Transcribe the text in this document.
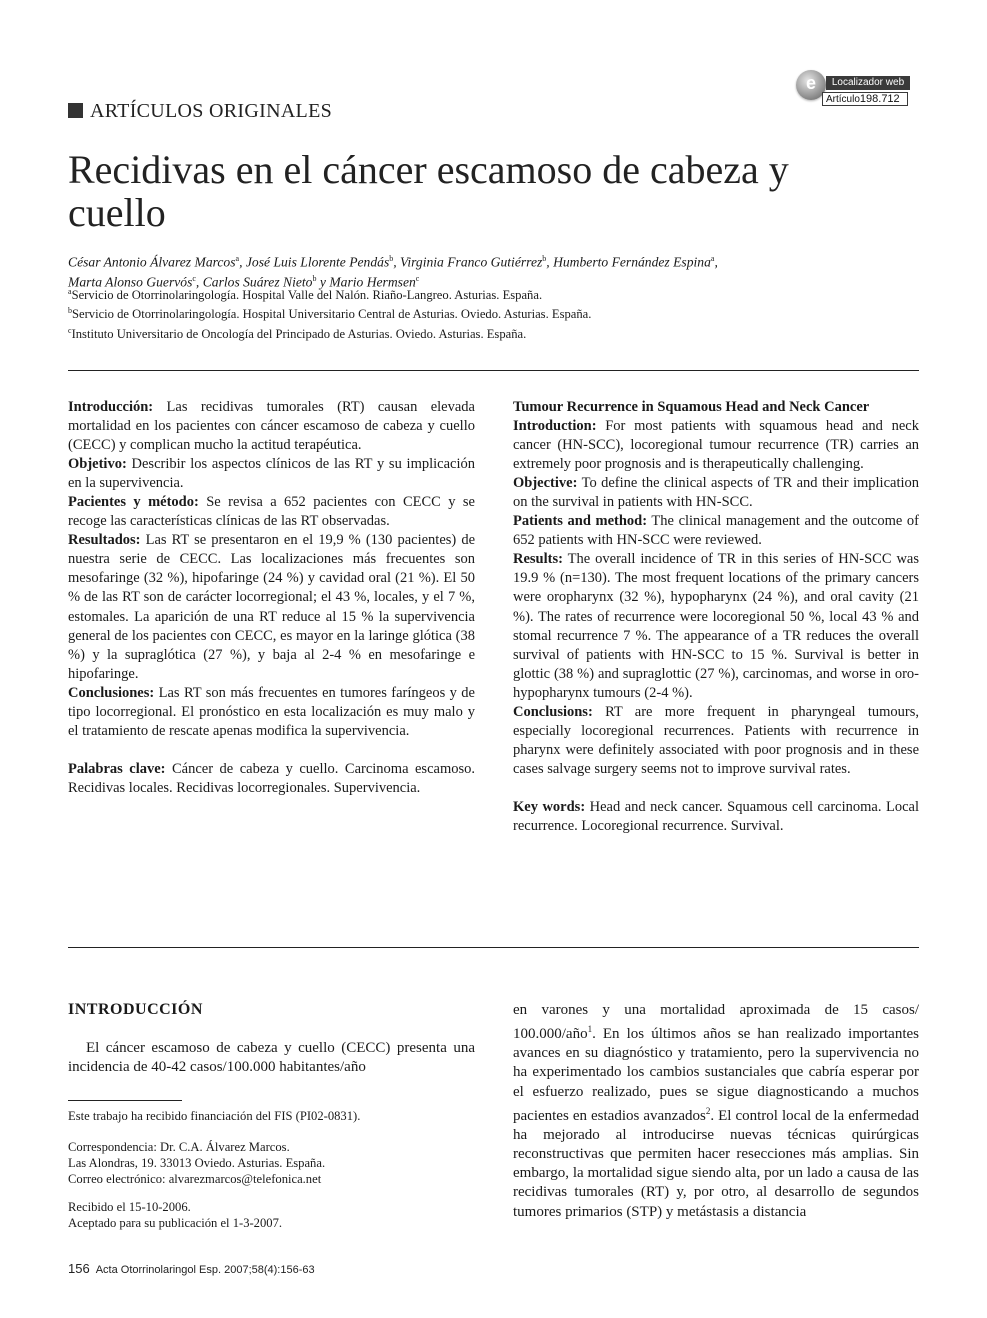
e	Localizador web
Artículo198.712
ARTÍCULOS ORIGINALES
Recidivas en el cáncer escamoso de cabeza y cuello
César Antonio Álvarez Marcos$^a$, José Luis Llorente Pendás$^b$, Virginia Franco Gutiérrez$^b$, Humberto Fernández Espina$^a$,
Marta Alonso Guervós$^c$, Carlos Suárez Nieto$^b$ y Mario Hermsen$^c$
$^a$Servicio de Otorrinolaringología. Hospital Valle del Nalón. Riaño-Langreo. Asturias. España.
$^b$Servicio de Otorrinolaringología. Hospital Universitario Central de Asturias. Oviedo. Asturias. España.
$^c$Instituto Universitario de Oncología del Principado de Asturias. Oviedo. Asturias. España.

Introducción: Las recidivas tumorales (RT) causan elevada mortalidad en los pacientes con cáncer escamoso de cabeza y cuello (CECC) y complican mucho la actitud terapéutica.

Objetivo: Describir los aspectos clínicos de las RT y su implicación en la supervivencia.

Pacientes y método: Se revisa a 652 pacientes con CECC y se recoge las características clínicas de las RT observadas.

Resultados: Las RT se presentaron en el 19,9 % (130 pacientes) de nuestra serie de CECC. Las localizaciones más frecuentes son mesofaringe (32 %), hipofaringe (24 %) y cavidad oral (21 %). El 50 % de las RT son de carácter locorregional; el 43 %, locales, y el 7 %, estomales. La aparición de una RT reduce al 15 % la supervivencia general de los pacientes con CECC, es mayor en la laringe glótica (38 %) y la supraglótica (27 %), y baja al 2-4 % en mesofaringe e hipofaringe.

Conclusiones: Las RT son más frecuentes en tumores faríngeos y de tipo locorregional. El pronóstico en esta localización es muy malo y el tratamiento de rescate apenas modifica la supervivencia.

Palabras clave: Cáncer de cabeza y cuello. Carcinoma escamoso. Recidivas locales. Recidivas locorregionales. Supervivencia.

Tumour Recurrence in Squamous Head and Neck Cancer

Introduction: For most patients with squamous head and neck cancer (HN-SCC), locoregional tumour recurrence (TR) carries an extremely poor prognosis and is therapeutically challenging.

Objective: To define the clinical aspects of TR and their implication on the survival in patients with HN-SCC.

Patients and method: The clinical management and the outcome of 652 patients with HN-SCC were reviewed.

Results: The overall incidence of TR in this series of HN-SCC was 19.9 % (n=130). The most frequent locations of the primary cancers were oropharynx (32 %), hypopharynx (24 %), and oral cavity (21 %). The rates of recurrence were locoregional 50 %, local 43 % and stomal recurrence 7 %. The appearance of a TR reduces the overall survival of patients with HN-SCC to 15 %. Survival is better in glottic (38 %) and supraglottic (27 %), carcinomas, and worse in oro-hypopharynx tumours (2-4 %).

Conclusions: RT are more frequent in pharyngeal tumours, especially locoregional recurrences. Patients with recurrence in pharynx were definitely associated with poor prognosis and in these cases salvage surgery seems not to improve survival rates.

Key words: Head and neck cancer. Squamous cell carcinoma. Local recurrence. Locoregional recurrence. Survival.

INTRODUCCIÓN
El cáncer escamoso de cabeza y cuello (CECC) presenta una incidencia de 40-42 casos/100.000 habitantes/año
en varones y una mortalidad aproximada de 15 casos/ 100.000/año$^1$. En los últimos años se han realizado importantes avances en su diagnóstico y tratamiento, pero la supervivencia no ha experimentado los cambios sustanciales que cabría esperar por el esfuerzo realizado, pues se sigue diagnosticando a muchos pacientes en estadios avanzados$^2$. El control local de la enfermedad ha mejorado al introducirse nuevas técnicas quirúrgicas reconstructivas que permiten hacer resecciones más amplias. Sin embargo, la mortalidad sigue siendo alta, por un lado a causa de las recidivas tumorales (RT) y, por otro, al desarrollo de segundos tumores primarios (STP) y metástasis a distancia
Este trabajo ha recibido financiación del FIS (PI02-0831).
Correspondencia: Dr. C.A. Álvarez Marcos.
Las Alondras, 19. 33013 Oviedo. Asturias. España.
Correo electrónico: alvarezmarcos@telefonica.net
Recibido el 15-10-2006.
Aceptado para su publicación el 1-3-2007.
156 Acta Otorrinolaringol Esp. 2007;58(4):156-63
